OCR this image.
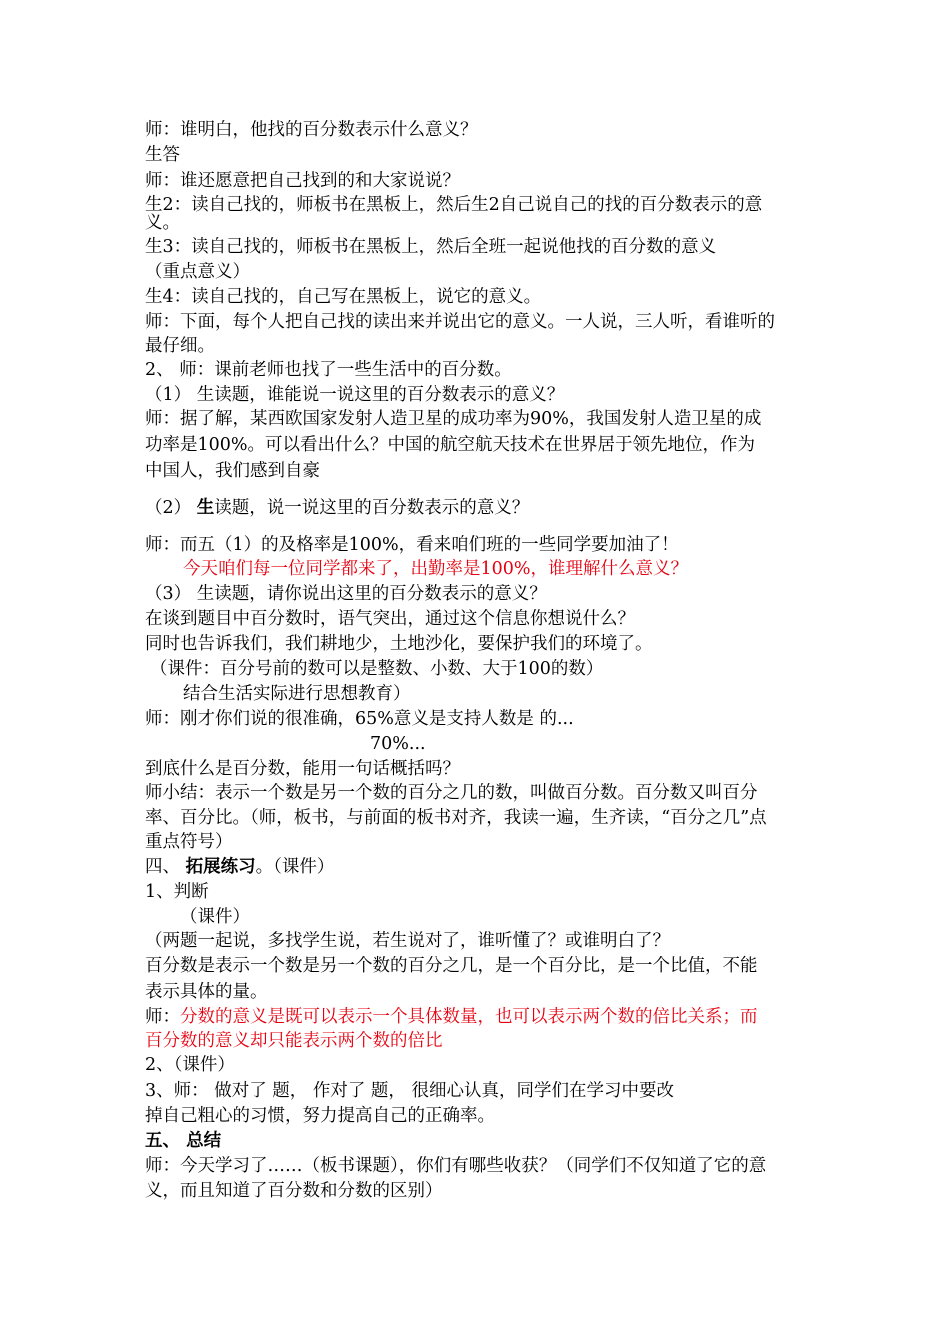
师：谁明白，他找的百分数表示什么意义？

生答

师：谁还愿意把自己找到的和大家说说？

生2：读自己找的，师板书在黑板上，然后生2自己说自己的找的百分数表示的意

义。

生3：读自己找的，师板书在黑板上，然后全班一起说他找的百分数的意义

（重点意义）

生4：读自己找的，自己写在黑板上，说它的意义。

师：下面，每个人把自己找的读出来并说出它的意义。一人说，三人听，看谁听的

最仔细。

2、 师：课前老师也找了一些生活中的百分数。

（1） 生读题，谁能说一说这里的百分数表示的意义？

师：据了解，某西欧国家发射人造卫星的成功率为90%，我国发射人造卫星的成

功率是100%。可以看出什么？中国的航空航天技术在世界居于领先地位，作为

中国人，我们感到自豪

（2） 生读题，说一说这里的百分数表示的意义？

师：而五（1）的及格率是100%，看来咱们班的一些同学要加油了！

今天咱们每一位同学都来了，出勤率是100%，谁理解什么意义？

（3） 生读题，请你说出这里的百分数表示的意义？

在谈到题目中百分数时，语气突出，通过这个信息你想说什么？

同时也告诉我们，我们耕地少，土地沙化，要保护我们的环境了。

（课件：百分号前的数可以是整数、小数、大于100的数）

结合生活实际进行思想教育）

师：刚才你们说的很准确，65%意义是支持人数是 的...

70%...

到底什么是百分数，能用一句话概括吗？

师小结：表示一个数是另一个数的百分之几的数，叫做百分数。百分数又叫百分

率、百分比。（师，板书，与前面的板书对齐，我读一遍，生齐读，“百分之几”点

重点符号）

四、 拓展练习。（课件）

1、判断

（课件）

（两题一起说，多找学生说，若生说对了，谁听懂了？或谁明白了？

百分数是表示一个数是另一个数的百分之几，是一个百分比，是一个比值，不能

表示具体的量。

师：分数的意义是既可以表示一个具体数量，也可以表示两个数的倍比关系；而

百分数的意义却只能表示两个数的倍比

2、（课件）

3、师： 做对了 题， 作对了 题， 很细心认真，同学们在学习中要改

掉自己粗心的习惯，努力提高自己的正确率。

五、 总结

师：今天学习了……（板书课题），你们有哪些收获？（同学们不仅知道了它的意

义，而且知道了百分数和分数的区别）
